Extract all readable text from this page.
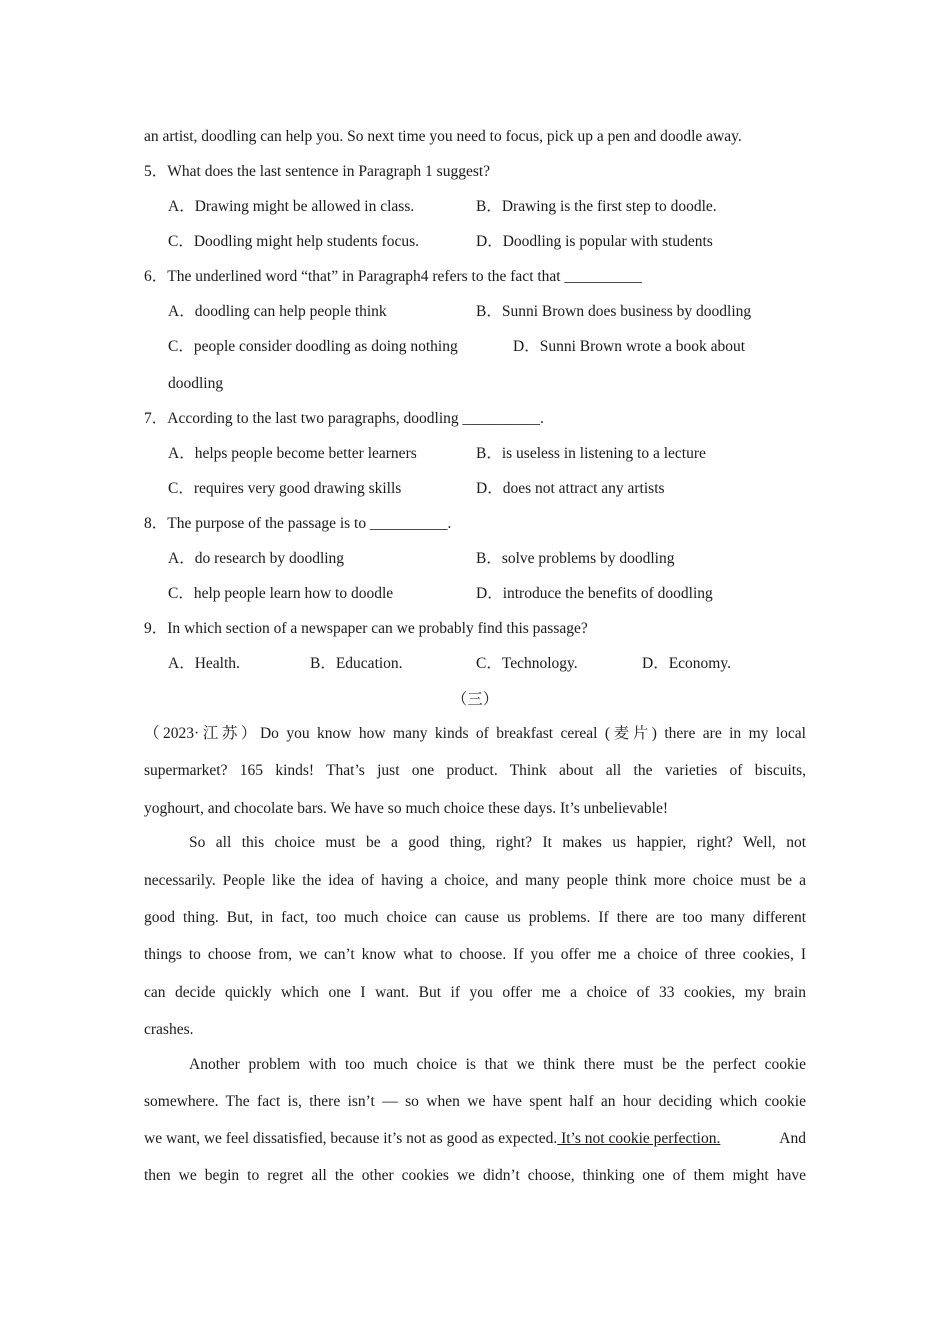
an artist, doodling can help you. So next time you need to focus, pick up a pen and doodle away.
5．What does the last sentence in Paragraph 1 suggest?
A．Drawing might be allowed in class.	B．Drawing is the first step to doodle.
C．Doodling might help students focus.	D．Doodling is popular with students
6．The underlined word “that” in Paragraph4 refers to the fact that __________
A．doodling can help people think	B．Sunni Brown does business by doodling
C．people consider doodling as doing nothing	D．Sunni Brown wrote a book about
doodling
7．According to the last two paragraphs, doodling __________.
A．helps people become better learners	B．is useless in listening to a lecture
C．requires very good drawing skills	D．does not attract any artists
8．The purpose of the passage is to __________.
A．do research by doodling	B．solve problems by doodling
C．help people learn how to doodle	D．introduce the benefits of doodling
9．In which section of a newspaper can we probably find this passage?
A．Health.	B．Education.	C．Technology.	D．Economy.
（三）
（2023·江苏）Do you know how many kinds of breakfast cereal (麦片) there are in my local
supermarket? 165 kinds! That’s just one product. Think about all the varieties of biscuits,
yoghourt, and chocolate bars. We have so much choice these days. It’s unbelievable!
So all this choice must be a good thing, right? It makes us happier, right? Well, not
necessarily. People like the idea of having a choice, and many people think more choice must be a
good thing. But, in fact, too much choice can cause us problems. If there are too many different
things to choose from, we can’t know what to choose. If you offer me a choice of three cookies, I
can decide quickly which one I want. But if you offer me a choice of 33 cookies, my brain
crashes.
Another problem with too much choice is that we think there must be the perfect cookie
somewhere. The fact is, there isn’t — so when we have spent half an hour deciding which cookie
we want, we feel dissatisfied, because it’s not as good as expected. It’s not cookie perfection.	And
then we begin to regret all the other cookies we didn’t choose, thinking one of them might have
